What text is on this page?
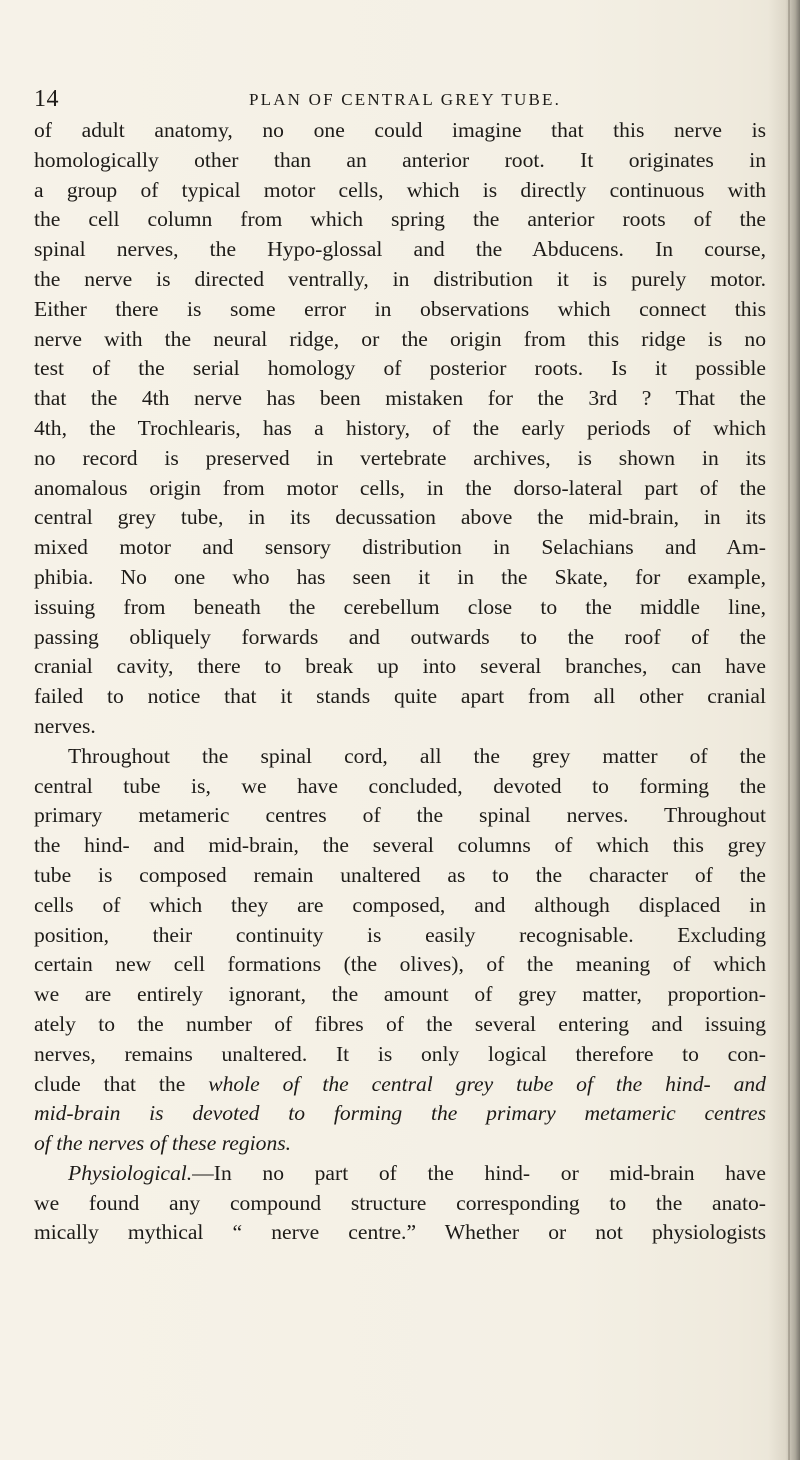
14	PLAN OF CENTRAL GREY TUBE.

of adult anatomy, no one could imagine that this nerve is
homologically other than an anterior root. It originates in
a group of typical motor cells, which is directly continuous with
the cell column from which spring the anterior roots of the
spinal nerves, the Hypo-glossal and the Abducens. In course,
the nerve is directed ventrally, in distribution it is purely motor.
Either there is some error in observations which connect this
nerve with the neural ridge, or the origin from this ridge is no
test of the serial homology of posterior roots. Is it possible
that the 4th nerve has been mistaken for the 3rd ? That the
4th, the Trochlearis, has a history, of the early periods of which
no record is preserved in vertebrate archives, is shown in its
anomalous origin from motor cells, in the dorso-lateral part of the
central grey tube, in its decussation above the mid-brain, in its
mixed motor and sensory distribution in Selachians and Am-
phibia. No one who has seen it in the Skate, for example,
issuing from beneath the cerebellum close to the middle line,
passing obliquely forwards and outwards to the roof of the
cranial cavity, there to break up into several branches, can have
failed to notice that it stands quite apart from all other cranial
nerves.

Throughout the spinal cord, all the grey matter of the
central tube is, we have concluded, devoted to forming the
primary metameric centres of the spinal nerves. Throughout
the hind- and mid-brain, the several columns of which this grey
tube is composed remain unaltered as to the character of the
cells of which they are composed, and although displaced in
position, their continuity is easily recognisable. Excluding
certain new cell formations (the olives), of the meaning of which
we are entirely ignorant, the amount of grey matter, proportion-
ately to the number of fibres of the several entering and issuing
nerves, remains unaltered. It is only logical therefore to con-
clude that the whole of the central grey tube of the hind- and
mid-brain is devoted to forming the primary metameric centres
of the nerves of these regions.

Physiological.—In no part of the hind- or mid-brain have
we found any compound structure corresponding to the anato-
mically mythical “ nerve centre.” Whether or not physiologists
